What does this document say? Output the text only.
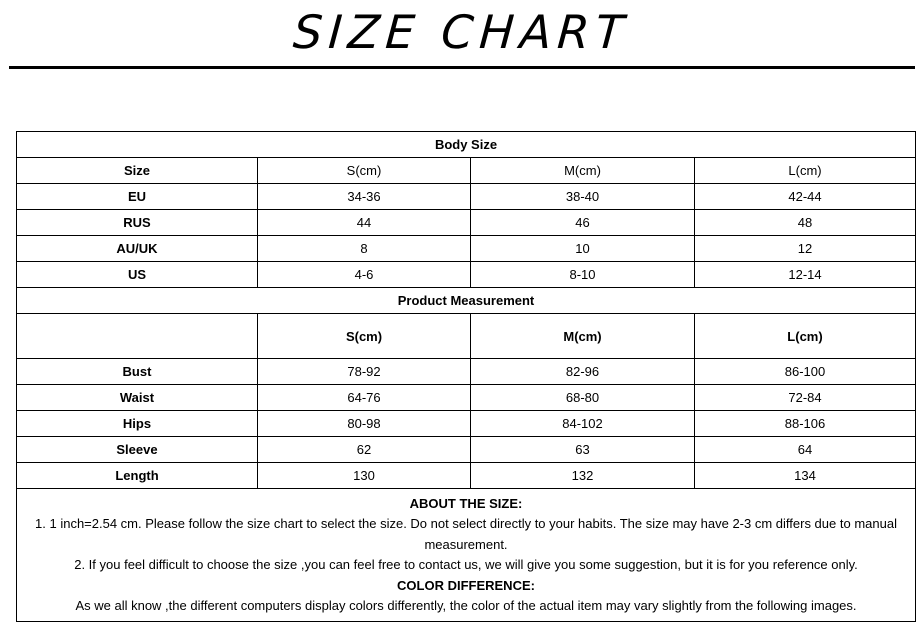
SIZE CHART
Body Size			
Size	S(cm)	M(cm)	L(cm)
EU	34-36	38-40	42-44
RUS	44	46	48
AU/UK	8	10	12
US	4-6	8-10	12-14
Product Measurement			
	S(cm)	M(cm)	L(cm)
Bust	78-92	82-96	86-100
Waist	64-76	68-80	72-84
Hips	80-98	84-102	88-106
Sleeve	62	63	64
Length	130	132	134

ABOUT THE SIZE:
1. 1 inch=2.54 cm. Please follow the size chart to select the size. Do not select directly to your habits. The size may have 2-3 cm differs due to manual measurement.
2. If you feel difficult to choose the size ,you can feel free to contact us, we will give you some suggestion, but it is for you reference only.
COLOR DIFFERENCE:
As we all know ,the different computers display colors differently, the color of the actual item may vary slightly from the following images.			
